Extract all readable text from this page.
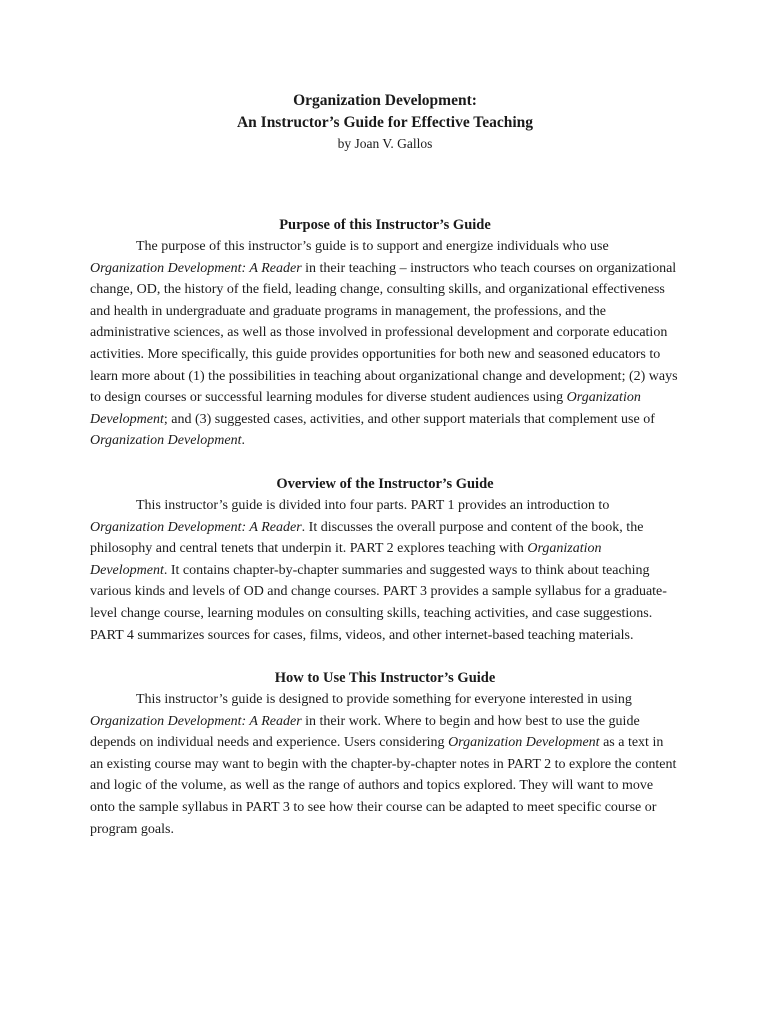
Organization Development:

An Instructor’s Guide for Effective Teaching

by Joan V. Gallos

Purpose of this Instructor’s Guide

The purpose of this instructor’s guide is to support and energize individuals who use Organization Development: A Reader in their teaching – instructors who teach courses on organizational change, OD, the history of the field, leading change, consulting skills, and organizational effectiveness and health in undergraduate and graduate programs in management, the professions, and the administrative sciences, as well as those involved in professional development and corporate education activities. More specifically, this guide provides opportunities for both new and seasoned educators to learn more about (1) the possibilities in teaching about organizational change and development; (2) ways to design courses or successful learning modules for diverse student audiences using Organization Development; and (3) suggested cases, activities, and other support materials that complement use of Organization Development.

Overview of the Instructor’s Guide

This instructor’s guide is divided into four parts. PART 1 provides an introduction to Organization Development: A Reader. It discusses the overall purpose and content of the book, the philosophy and central tenets that underpin it. PART 2 explores teaching with Organization Development. It contains chapter-by-chapter summaries and suggested ways to think about teaching various kinds and levels of OD and change courses. PART 3 provides a sample syllabus for a graduate-level change course, learning modules on consulting skills, teaching activities, and case suggestions. PART 4 summarizes sources for cases, films, videos, and other internet-based teaching materials.

How to Use This Instructor’s Guide

This instructor’s guide is designed to provide something for everyone interested in using Organization Development: A Reader in their work. Where to begin and how best to use the guide depends on individual needs and experience. Users considering Organization Development as a text in an existing course may want to begin with the chapter-by-chapter notes in PART 2 to explore the content and logic of the volume, as well as the range of authors and topics explored. They will want to move onto the sample syllabus in PART 3 to see how their course can be adapted to meet specific course or program goals.
